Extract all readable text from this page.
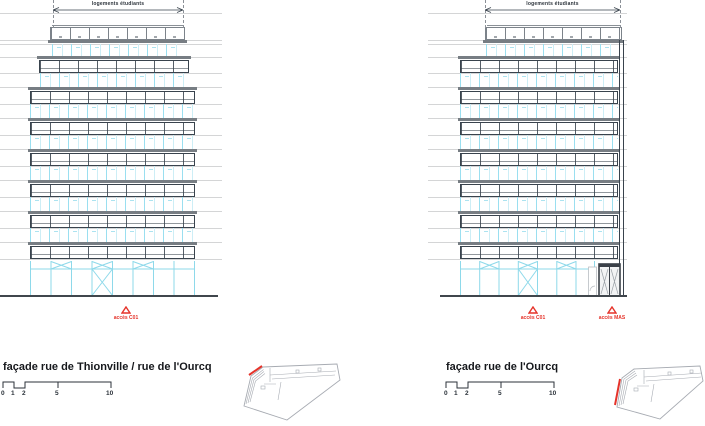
logements étudiants
accès C01
logements étudiants
accès C01	accès MAS
façade rue de Thionville / rue de l'Ourcq
0 1 2	5	10
façade rue de l'Ourcq
0 1 2	5	10
